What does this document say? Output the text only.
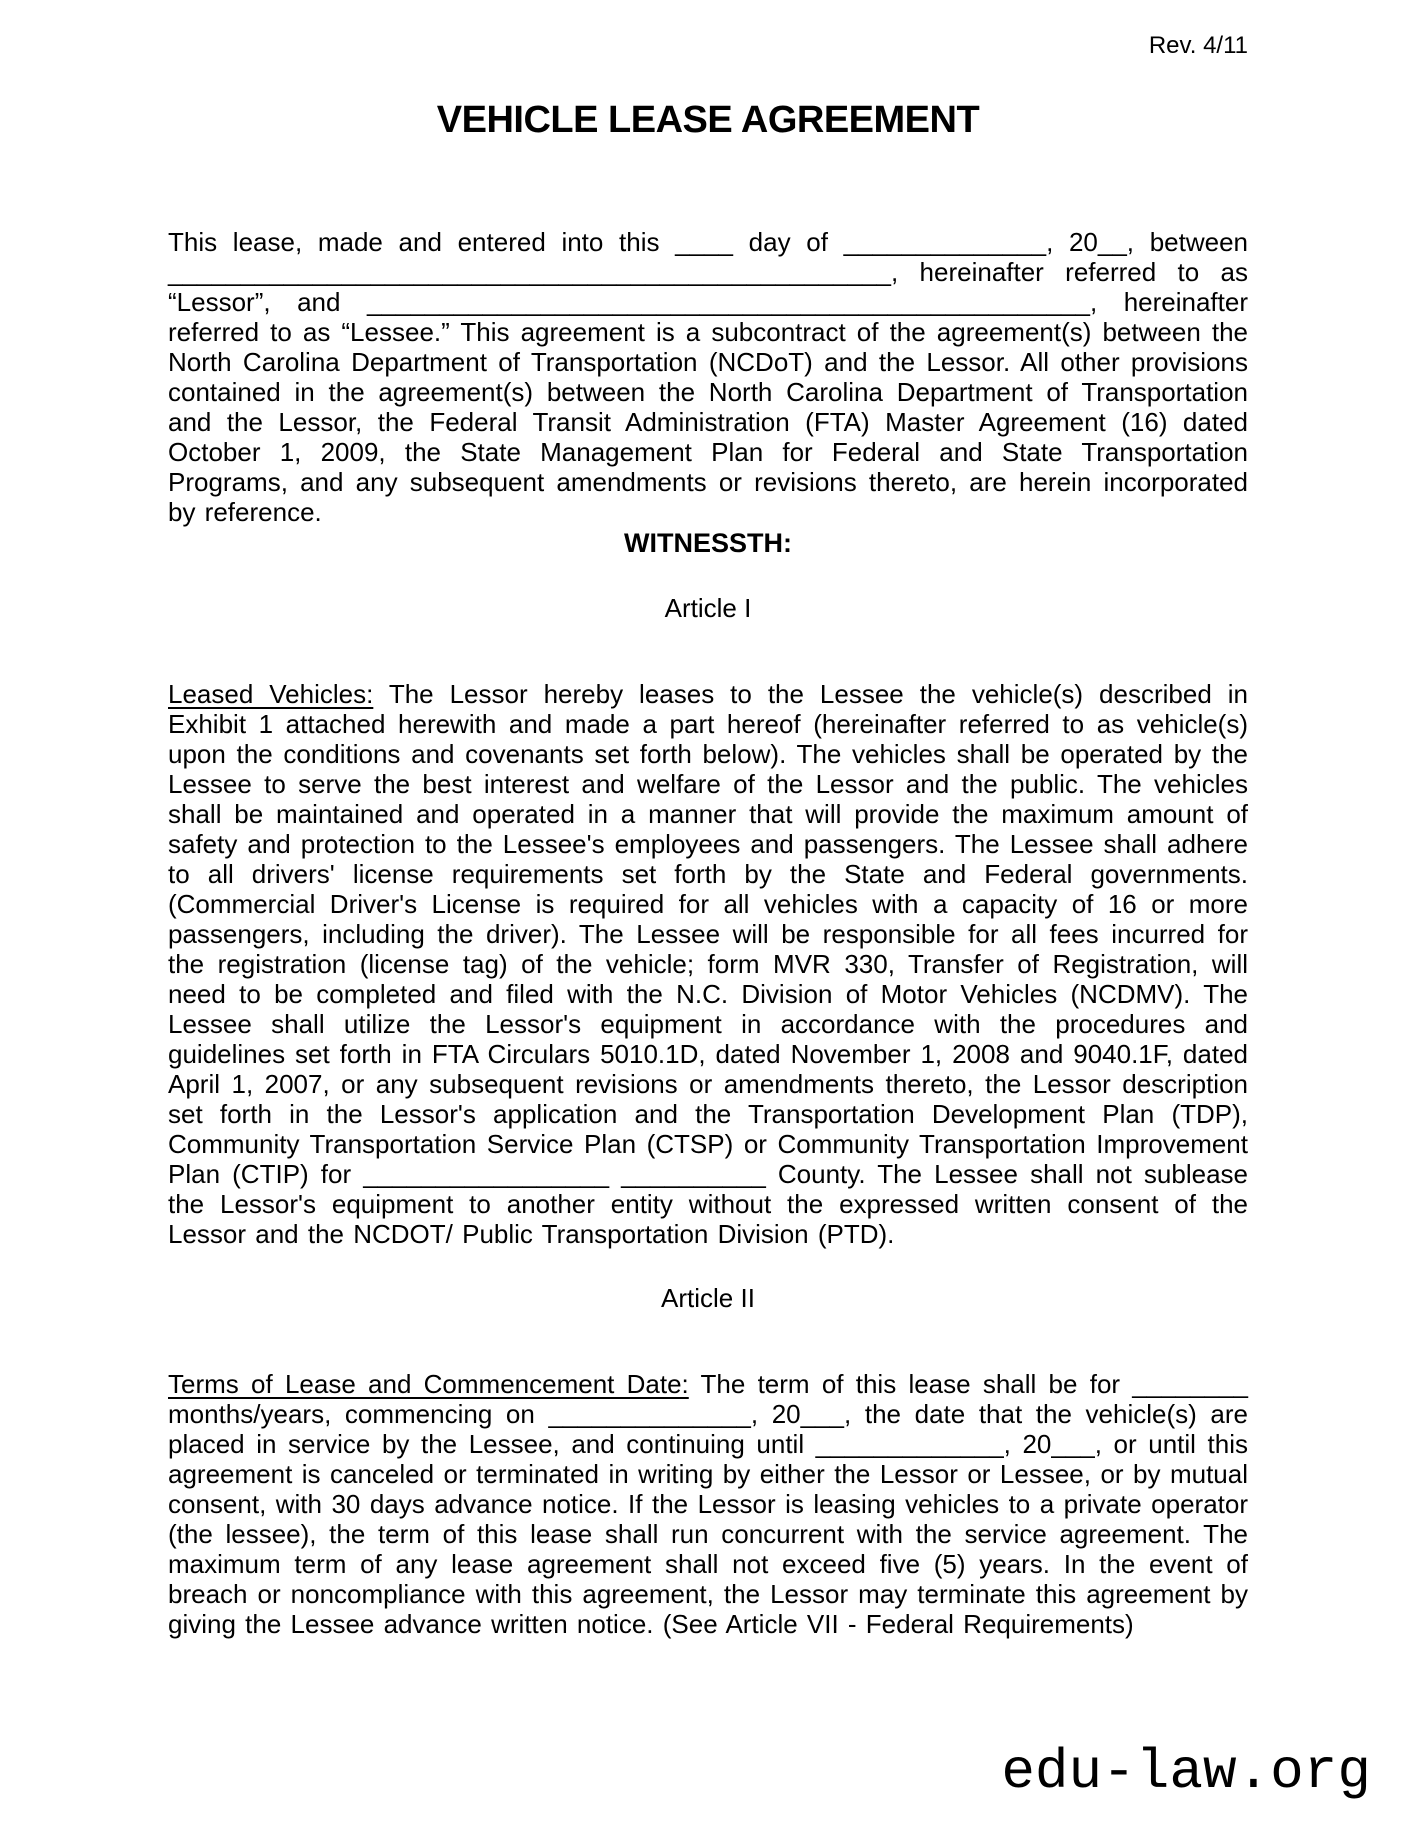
Rev. 4/11
VEHICLE LEASE AGREEMENT

This lease, made and entered into this ____ day of ______________, 20__, between __________________________________________________, hereinafter referred to as “Lessor”, and __________________________________________________, hereinafter referred to as “Lessee.” This agreement is a subcontract of the agreement(s) between the North Carolina Department of Transportation (NCDoT) and the Lessor. All other provisions contained in the agreement(s) between the North Carolina Department of Transportation and the Lessor, the Federal Transit Administration (FTA) Master Agreement (16) dated October 1, 2009, the State Management Plan for Federal and State Transportation Programs, and any subsequent amendments or revisions thereto, are herein incorporated by reference.

WITNESSTH:
Article I

Leased Vehicles: The Lessor hereby leases to the Lessee the vehicle(s) described in Exhibit 1 attached herewith and made a part hereof (hereinafter referred to as vehicle(s) upon the conditions and covenants set forth below). The vehicles shall be operated by the Lessee to serve the best interest and welfare of the Lessor and the public. The vehicles shall be maintained and operated in a manner that will provide the maximum amount of safety and protection to the Lessee's employees and passengers. The Lessee shall adhere to all drivers' license requirements set forth by the State and Federal governments. (Commercial Driver's License is required for all vehicles with a capacity of 16 or more passengers, including the driver). The Lessee will be responsible for all fees incurred for the registration (license tag) of the vehicle; form MVR 330, Transfer of Registration, will need to be completed and filed with the N.C. Division of Motor Vehicles (NCDMV). The Lessee shall utilize the Lessor's equipment in accordance with the procedures and guidelines set forth in FTA Circulars 5010.1D, dated November 1, 2008 and 9040.1F, dated April 1, 2007, or any subsequent revisions or amendments thereto, the Lessor description set forth in the Lessor's application and the Transportation Development Plan (TDP), Community Transportation Service Plan (CTSP) or Community Transportation Improvement Plan (CTIP) for _________________ __________ County. The Lessee shall not sublease the Lessor's equipment to another entity without the expressed written consent of the Lessor and the NCDOT/ Public Transportation Division (PTD).

Article II

Terms of Lease and Commencement Date: The term of this lease shall be for ________ months/years, commencing on ______________, 20___, the date that the vehicle(s) are placed in service by the Lessee, and continuing until _____________, 20___, or until this agreement is canceled or terminated in writing by either the Lessor or Lessee, or by mutual consent, with 30 days advance notice. If the Lessor is leasing vehicles to a private operator (the lessee), the term of this lease shall run concurrent with the service agreement. The maximum term of any lease agreement shall not exceed five (5) years. In the event of breach or noncompliance with this agreement, the Lessor may terminate this agreement by giving the Lessee advance written notice. (See Article VII - Federal Requirements)

edu-law.org
